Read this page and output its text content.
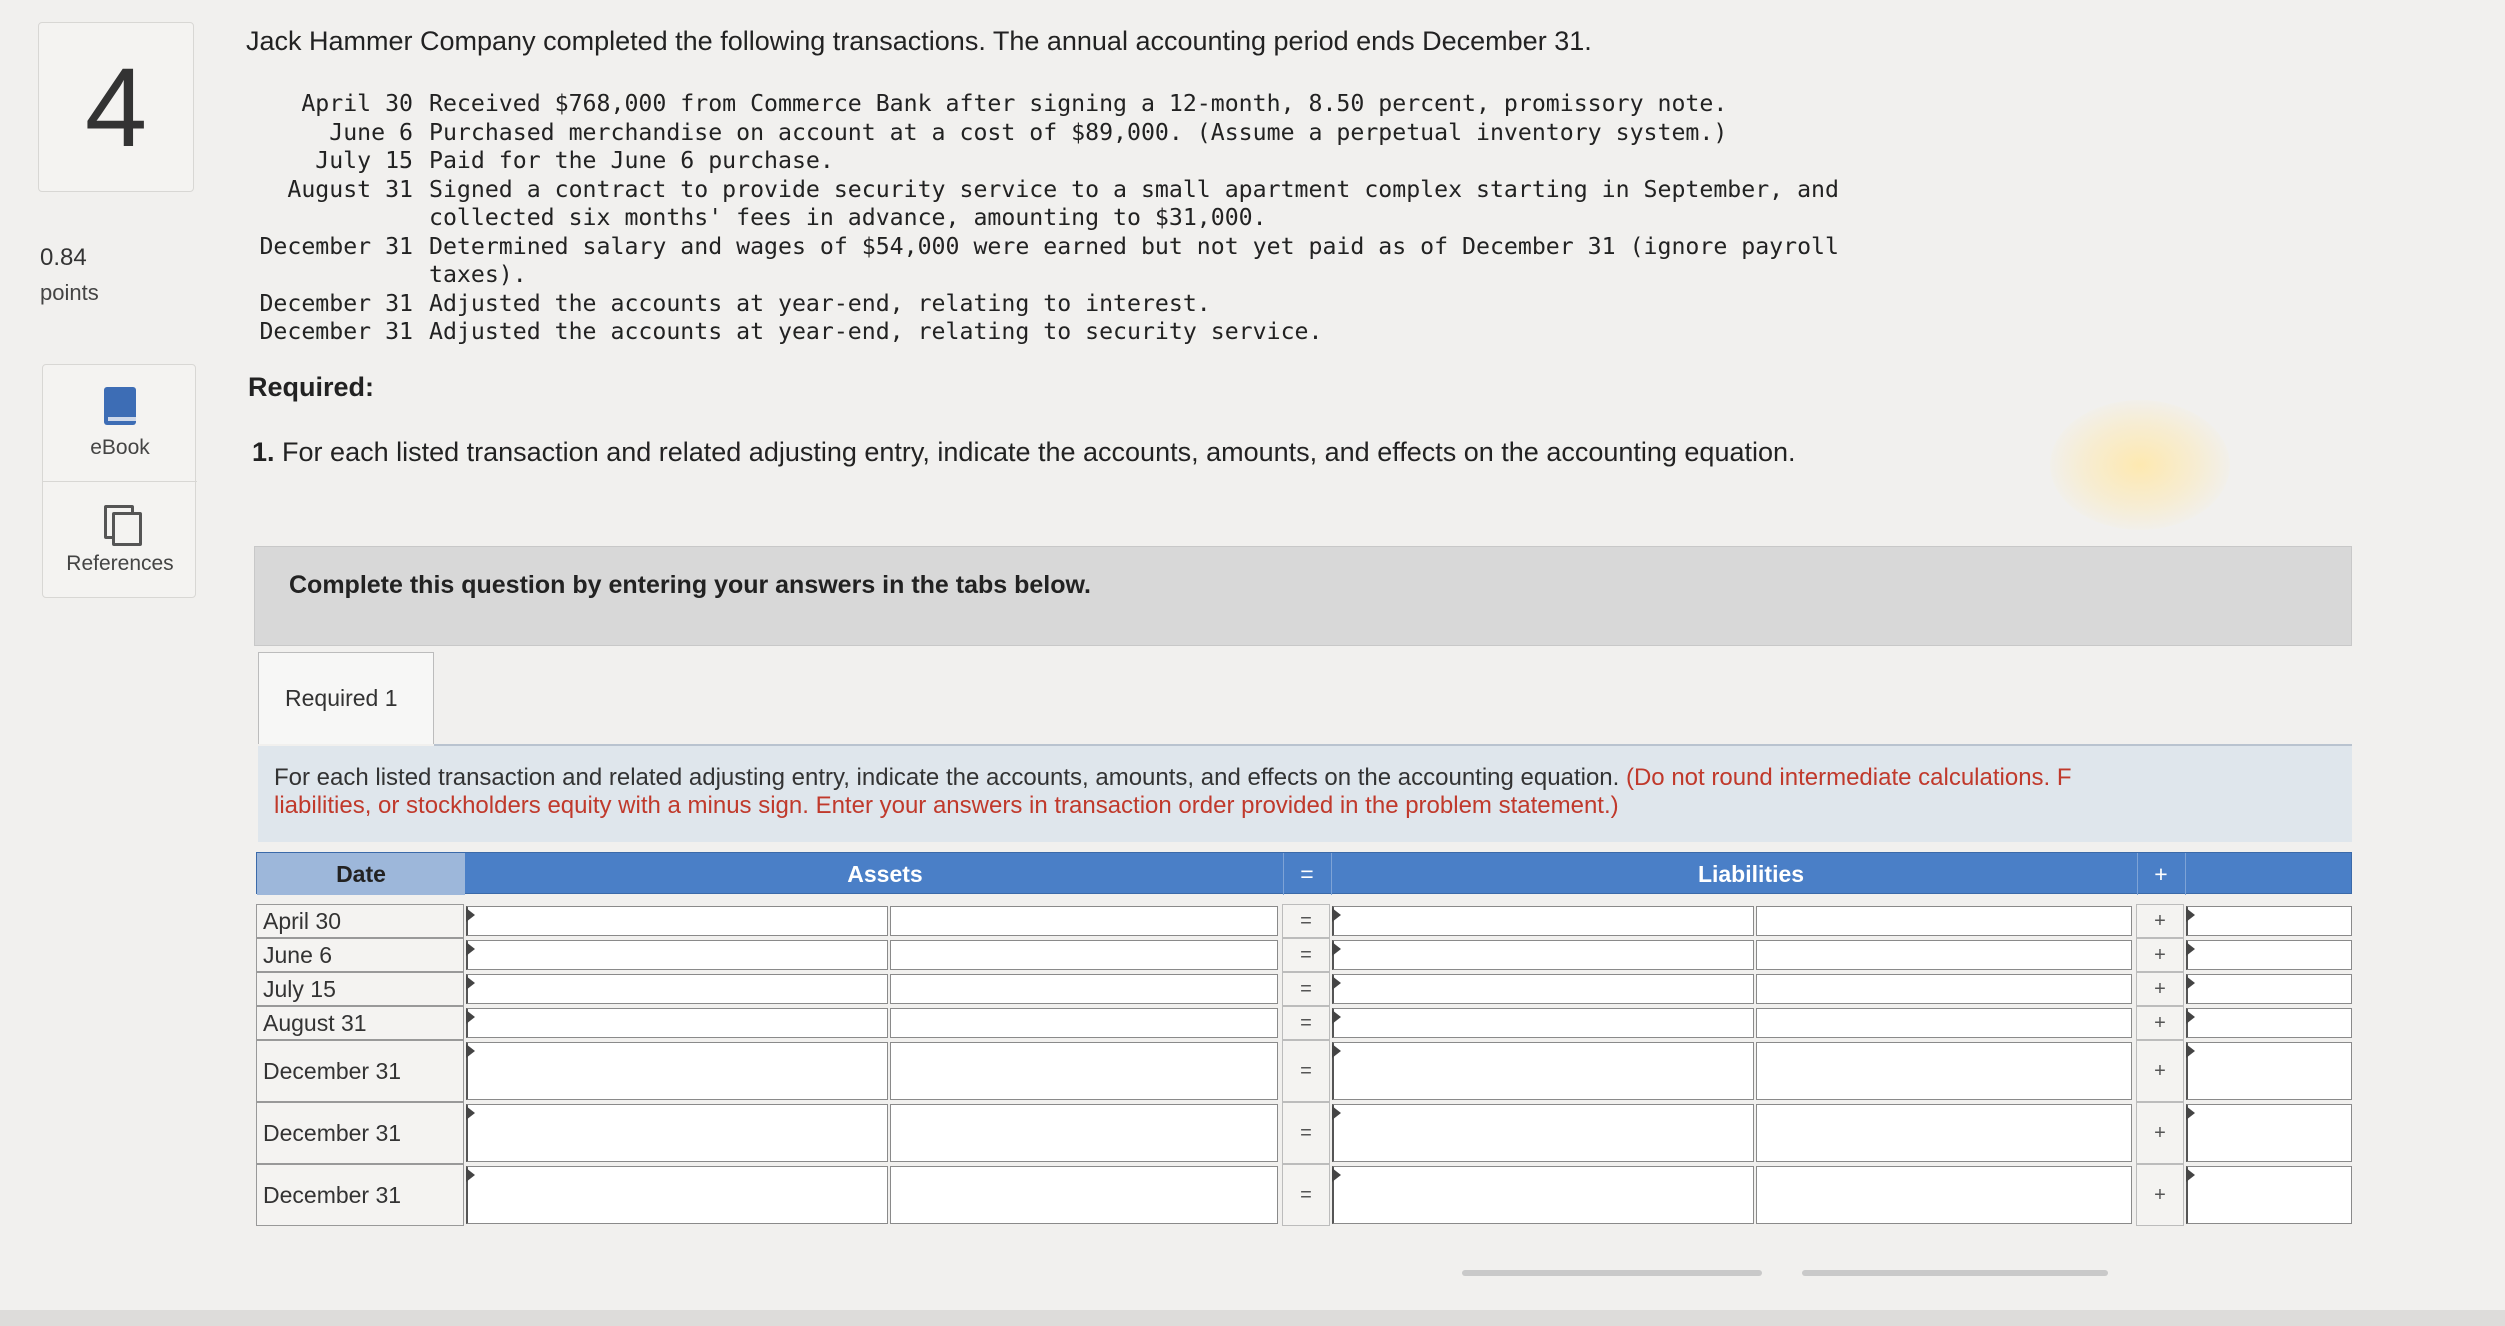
4
0.84
points
eBook
References
Jack Hammer Company completed the following transactions. The annual accounting period ends December 31.
April 30 Received $768,000 from Commerce Bank after signing a 12-month, 8.50 percent, promissory note.
June 6 Purchased merchandise on account at a cost of $89,000. (Assume a perpetual inventory system.)
July 15 Paid for the June 6 purchase.
August 31 Signed a contract to provide security service to a small apartment complex starting in September, and
collected six months' fees in advance, amounting to $31,000.
December 31 Determined salary and wages of $54,000 were earned but not yet paid as of December 31 (ignore payroll
taxes).
December 31 Adjusted the accounts at year-end, relating to interest.
December 31 Adjusted the accounts at year-end, relating to security service.
Required:
1. For each listed transaction and related adjusting entry, indicate the accounts, amounts, and effects on the accounting equation.
Complete this question by entering your answers in the tabs below.
Required 1
For each listed transaction and related adjusting entry, indicate the accounts, amounts, and effects on the accounting equation. (Do not round intermediate calculations. F
liabilities, or stockholders equity with a minus sign. Enter your answers in transaction order provided in the problem statement.)
Date	Assets	=	Liabilities	+
April 30	=	+
June 6	=	+
July 15	=	+
August 31	=	+
December 31	=	+
December 31	=	+
December 31	=	+
